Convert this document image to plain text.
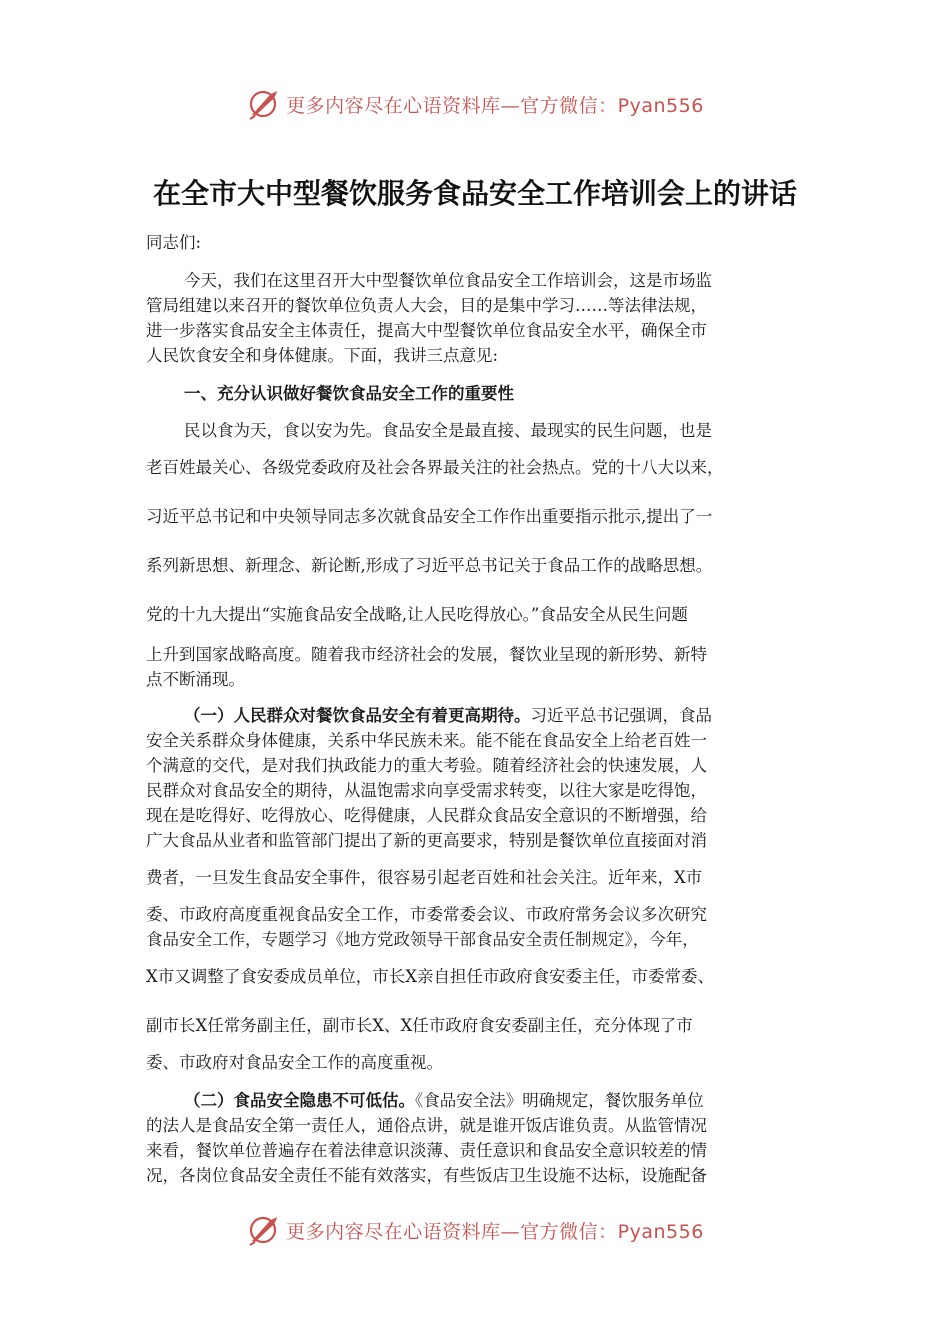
更多内容尽在心语资料库—官方微信：Pyan556
在全市大中型餐饮服务食品安全工作培训会上的讲话
同志们:
今天，我们在这里召开大中型餐饮单位食品安全工作培训会，这是市场监
管局组建以来召开的餐饮单位负责人大会，目的是集中学习……等法律法规，
进一步落实食品安全主体责任，提高大中型餐饮单位食品安全水平，确保全市
人民饮食安全和身体健康。下面，我讲三点意见:
一、充分认识做好餐饮食品安全工作的重要性
民以食为天，食以安为先。食品安全是最直接、最现实的民生问题，也是
老百姓最关心、各级党委政府及社会各界最关注的社会热点。党的十八大以来，
习近平总书记和中央领导同志多次就食品安全工作作出重要指示批示,提出了一
系列新思想、新理念、新论断,形成了习近平总书记关于食品工作的战略思想。
党的十九大提出“实施食品安全战略,让人民吃得放心。”食品安全从民生问题
上升到国家战略高度。随着我市经济社会的发展，餐饮业呈现的新形势、新特
点不断涌现。
（一）人民群众对餐饮食品安全有着更高期待。习近平总书记强调，食品
安全关系群众身体健康，关系中华民族未来。能不能在食品安全上给老百姓一
个满意的交代，是对我们执政能力的重大考验。随着经济社会的快速发展，人
民群众对食品安全的期待，从温饱需求向享受需求转变，以往大家是吃得饱，
现在是吃得好、吃得放心、吃得健康，人民群众食品安全意识的不断增强，给
广大食品从业者和监管部门提出了新的更高要求，特别是餐饮单位直接面对消
费者，一旦发生食品安全事件，很容易引起老百姓和社会关注。近年来，X市
委、市政府高度重视食品安全工作，市委常委会议、市政府常务会议多次研究
食品安全工作，专题学习《地方党政领导干部食品安全责任制规定》，今年，
X市又调整了食安委成员单位，市长X亲自担任市政府食安委主任，市委常委、
副市长X任常务副主任，副市长X、X任市政府食安委副主任，充分体现了市
委、市政府对食品安全工作的高度重视。
（二）食品安全隐患不可低估。《食品安全法》明确规定，餐饮服务单位
的法人是食品安全第一责任人，通俗点讲，就是谁开饭店谁负责。从监管情况
来看，餐饮单位普遍存在着法律意识淡薄、责任意识和食品安全意识较差的情
况，各岗位食品安全责任不能有效落实，有些饭店卫生设施不达标，设施配备
更多内容尽在心语资料库—官方微信：Pyan556
